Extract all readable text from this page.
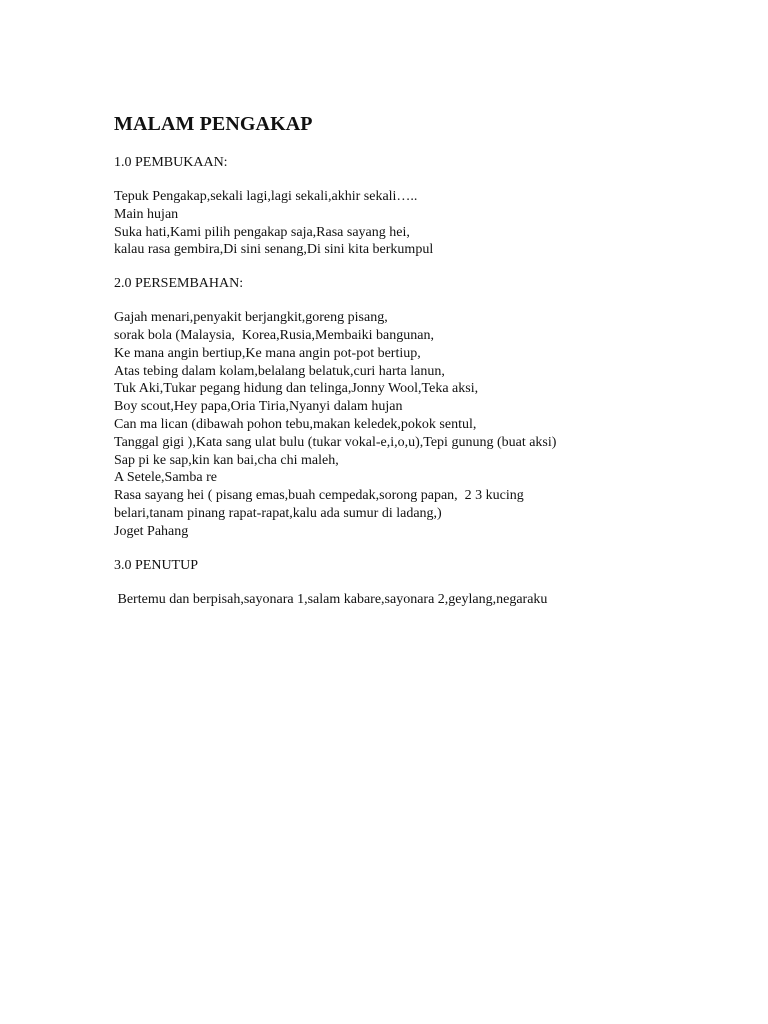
MALAM PENGAKAP
1.0 PEMBUKAAN:
Tepuk Pengakap,sekali lagi,lagi sekali,akhir sekali…..
Main hujan
Suka hati,Kami pilih pengakap saja,Rasa sayang hei,
kalau rasa gembira,Di sini senang,Di sini kita berkumpul
2.0 PERSEMBAHAN:
Gajah menari,penyakit berjangkit,goreng pisang,
sorak bola (Malaysia,  Korea,Rusia,Membaiki bangunan,
Ke mana angin bertiup,Ke mana angin pot-pot bertiup,
Atas tebing dalam kolam,belalang belatuk,curi harta lanun,
Tuk Aki,Tukar pegang hidung dan telinga,Jonny Wool,Teka aksi,
Boy scout,Hey papa,Oria Tiria,Nyanyi dalam hujan
Can ma lican (dibawah pohon tebu,makan keledek,pokok sentul,
Tanggal gigi ),Kata sang ulat bulu (tukar vokal-e,i,o,u),Tepi gunung (buat aksi)
Sap pi ke sap,kin kan bai,cha chi maleh,
A Setele,Samba re
Rasa sayang hei ( pisang emas,buah cempedak,sorong papan,  2 3 kucing
belari,tanam pinang rapat-rapat,kalu ada sumur di ladang,)
Joget Pahang
3.0 PENUTUP
Bertemu dan berpisah,sayonara 1,salam kabare,sayonara 2,geylang,negaraku
